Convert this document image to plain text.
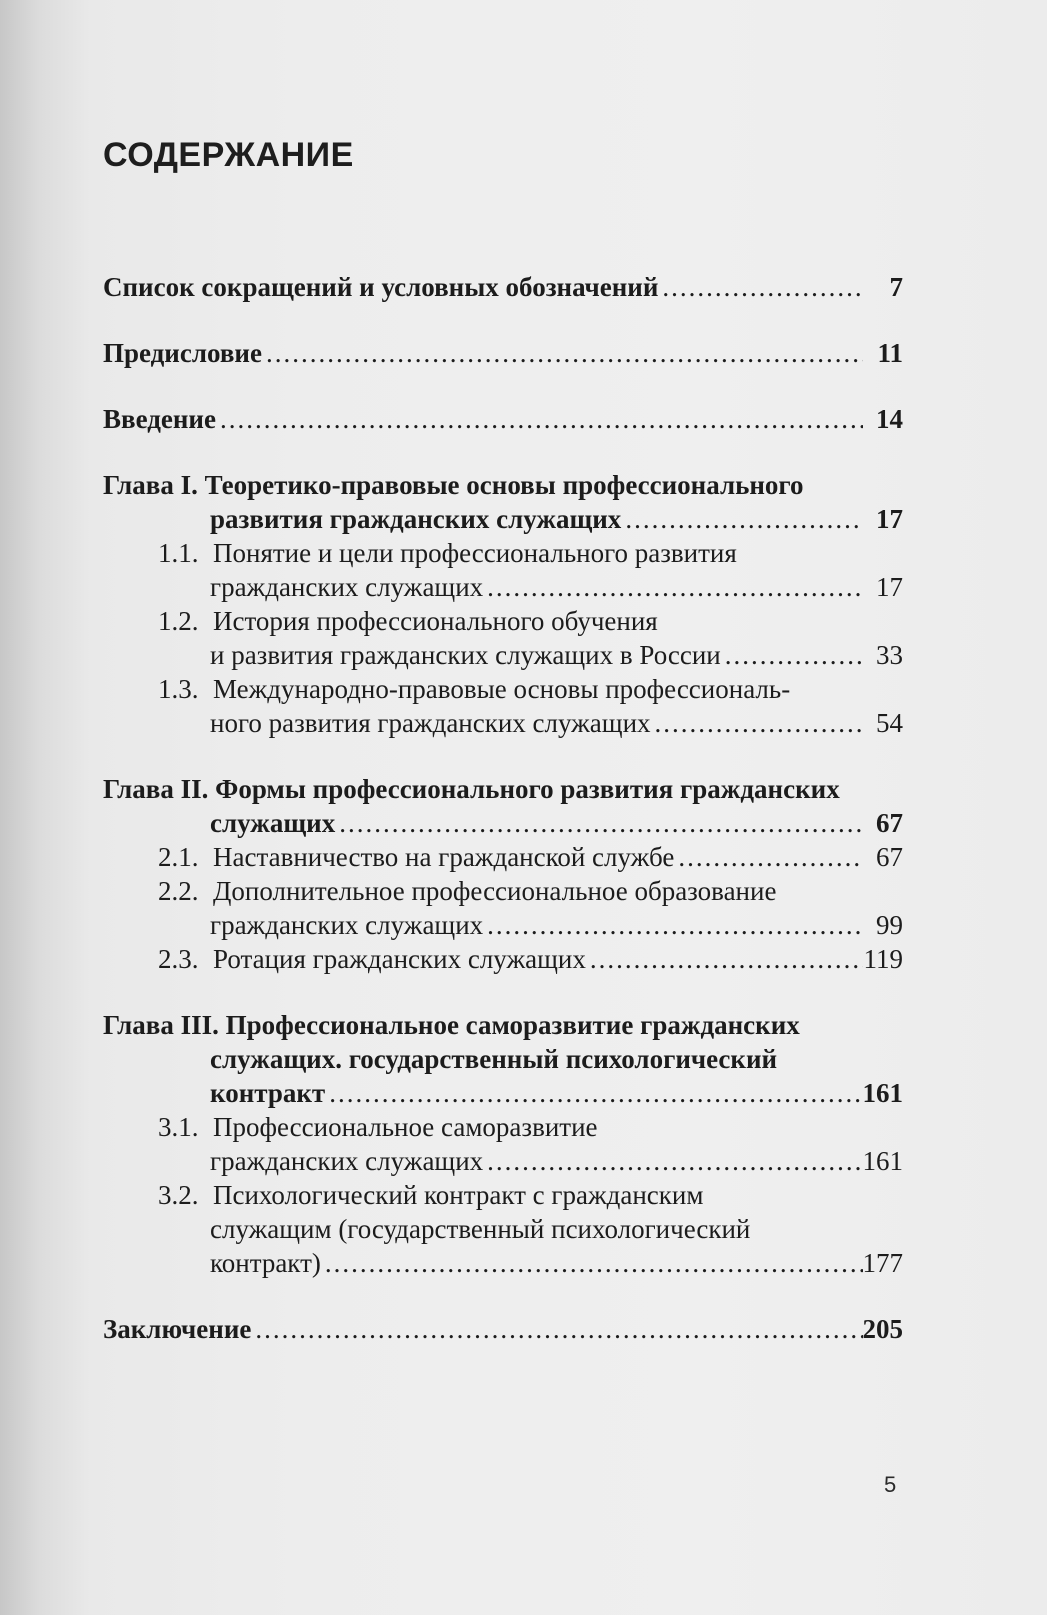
СОДЕРЖАНИЕ
Список сокращений и условных обозначений .....	7
Предисловие .....	11
Введение .....	14
Глава I. Теоретико-правовые основы профессионального
развития гражданских служащих .....	17
1.1. Понятие и цели профессионального развития
гражданских служащих .....	17
1.2. История профессионального обучения
и развития гражданских служащих в России .....	33
1.3. Международно-правовые основы профессиональ-
ного развития гражданских служащих .....	54
Глава II. Формы профессионального развития гражданских
служащих .....	67
2.1. Наставничество на гражданской службе .....	67
2.2. Дополнительное профессиональное образование
гражданских служащих .....	99
2.3. Ротация гражданских служащих .....	119
Глава III. Профессиональное саморазвитие гражданских
служащих. государственный психологический
контракт .....	161
3.1. Профессиональное саморазвитие
гражданских служащих .....	161
3.2. Психологический контракт с гражданским
служащим (государственный психологический
контракт) .....	177
Заключение .....	205
5
